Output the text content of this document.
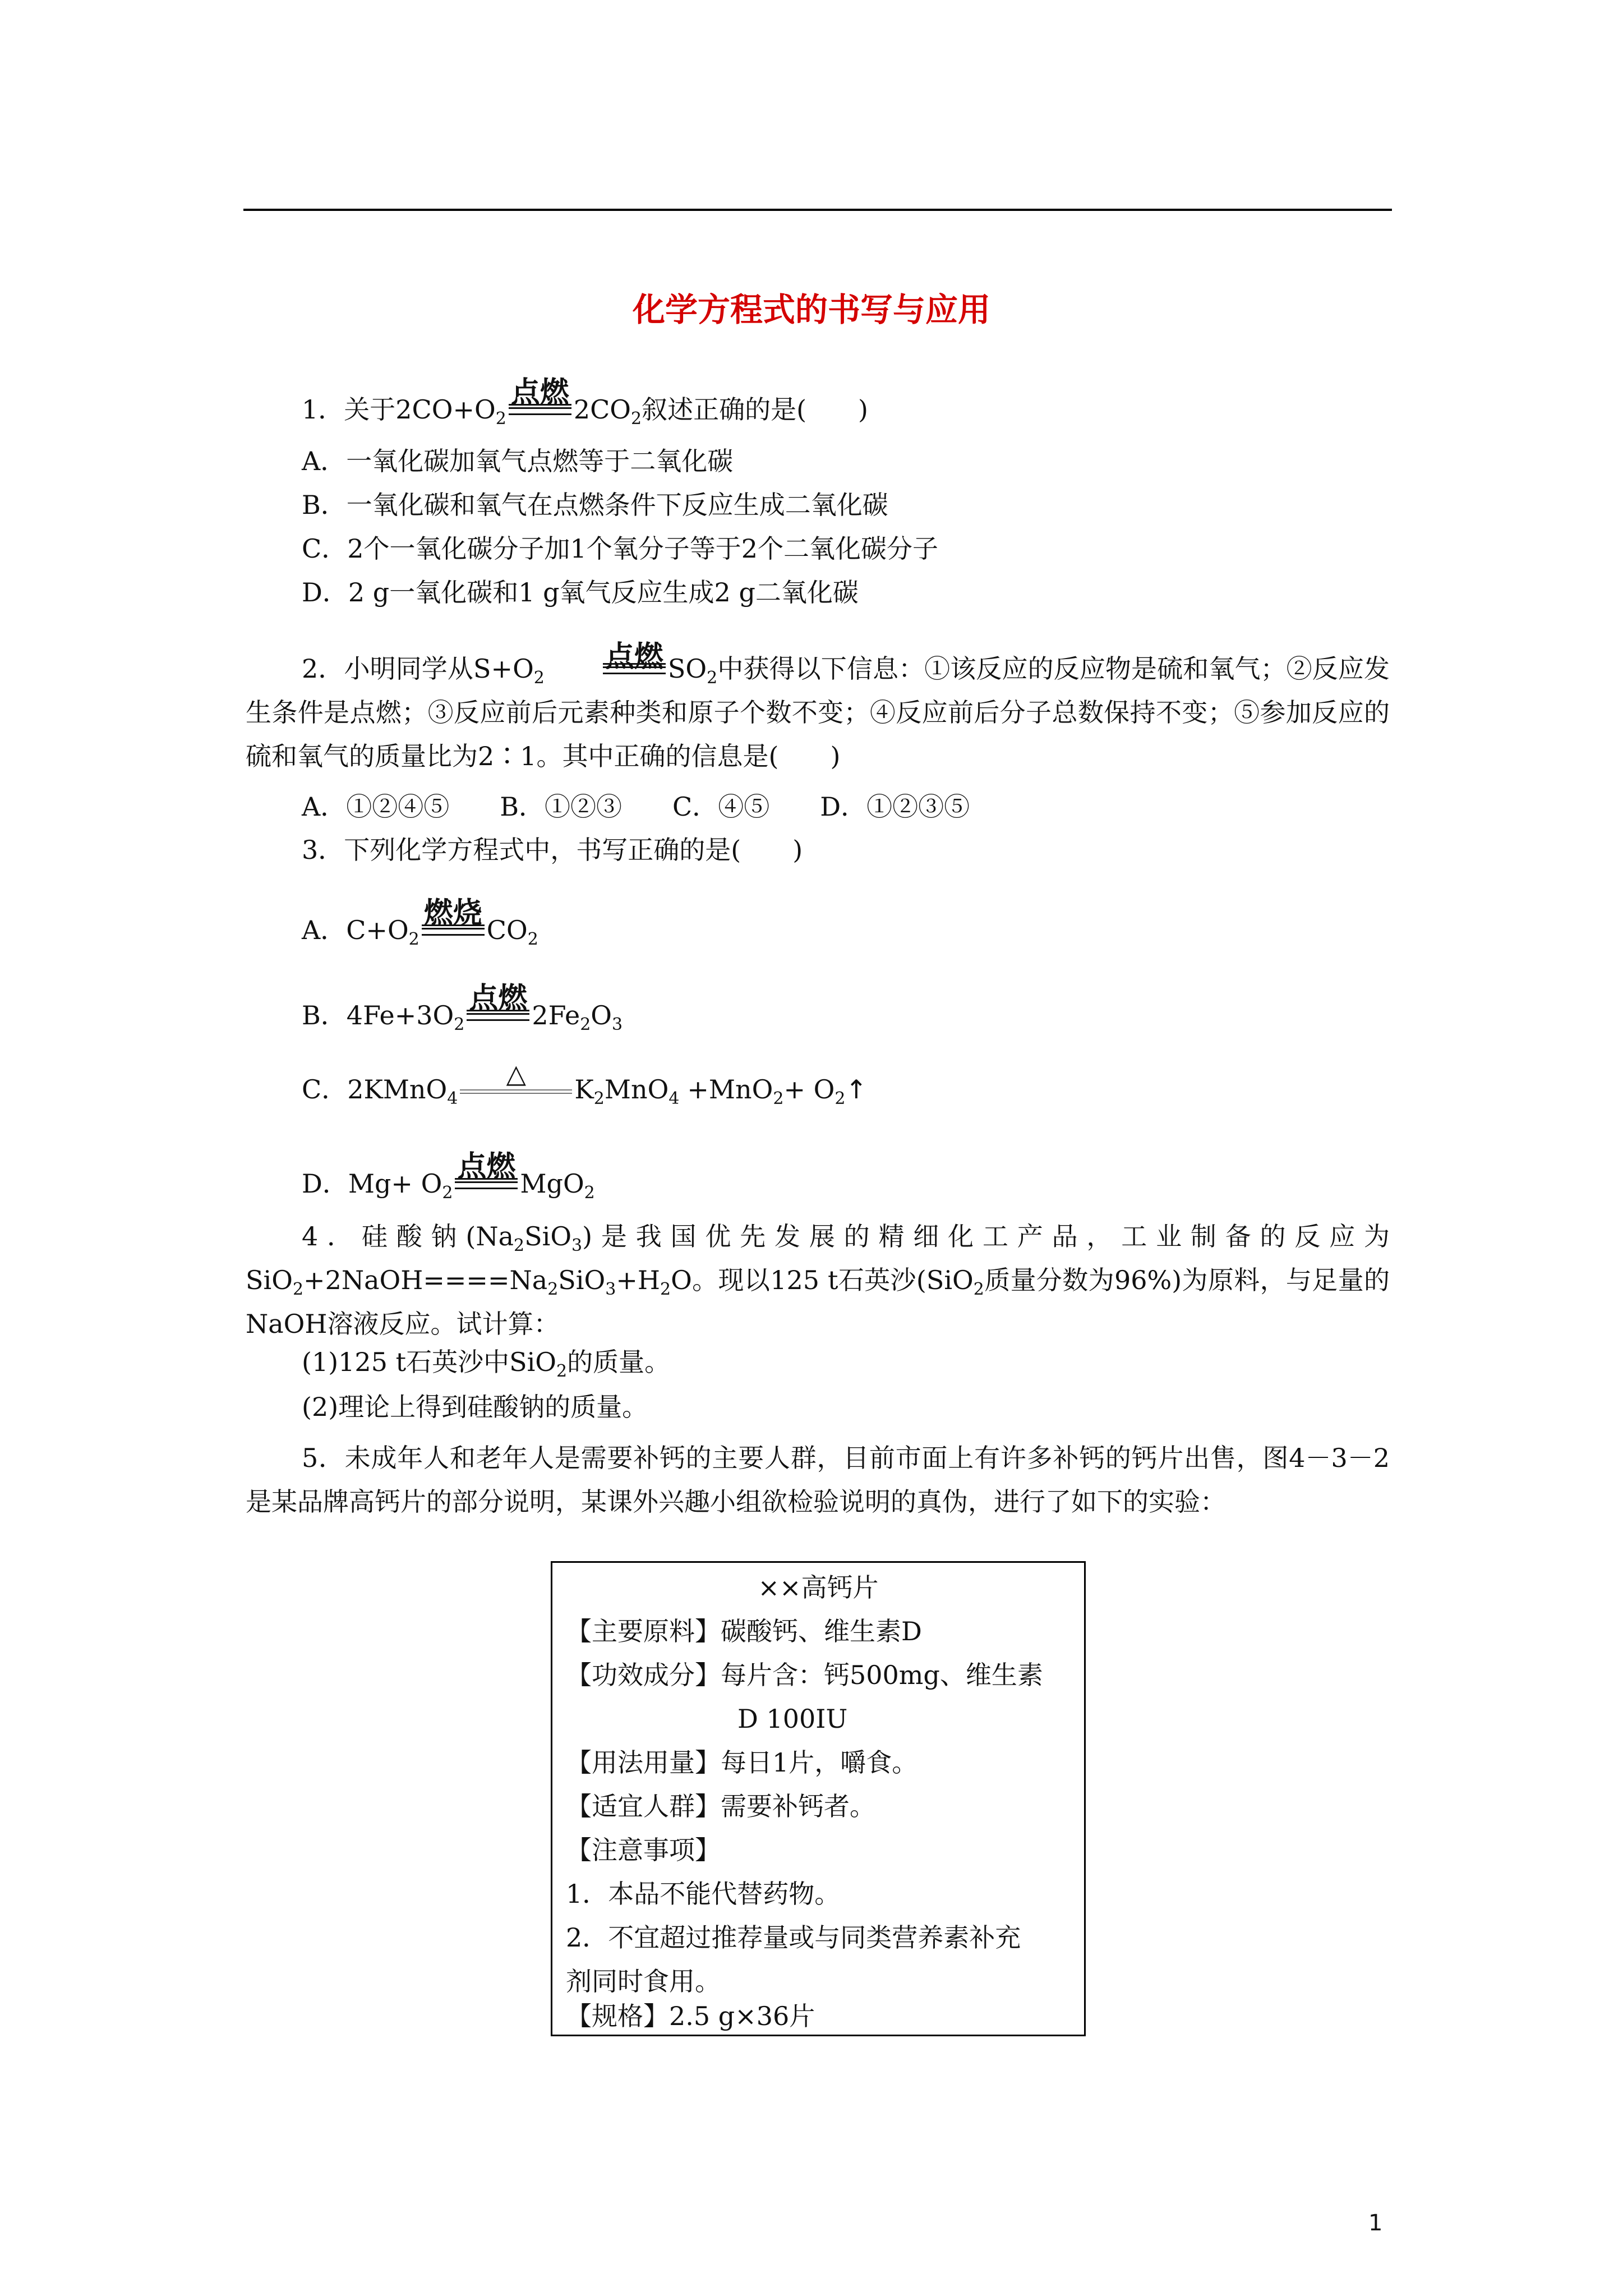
化学方程式的书写与应用
1．关于$2CO+O_2$
点燃 $2CO_2$叙述正确的是(　　)
A．一氧化碳加氧气点燃等于二氧化碳
B．一氧化碳和氧气在点燃条件下反应生成二氧化碳
C．2个一氧化碳分子加1个氧分子等于2个二氧化碳分子
D．2 g一氧化碳和1 g氧气反应生成2 g二氧化碳
2．小明同学从$S+O_2$
点燃 $SO_2$中获得以下信息：①该反应的反应物是硫和氧气；②反应发生条件是点燃；③反应前后元素种类和原子个数不变；④反应前后分子总数保持不变；⑤参加反应的硫和氧气的质量比为2∶1。其中正确的信息是(　　)
A．①②④⑤ B．①②③ C．④⑤ D．①②③⑤
3．下列化学方程式中，书写正确的是(　　)
A．$C+O_2$
燃烧 $CO_2$
B．$4Fe+3O_2$
点燃 $2Fe_2O_3$
C．2KMnO$_4$
△
$K_2MnO_4 +MnO_2+$ $O_2↑$
D．$Mg+ O_2$
点燃 MgO$_2$
4．硅酸钠$(Na_2SiO_3)$是我国优先发展的精细化工产品，工业制备的反应为$SiO_2+2NaOH====Na_2SiO_3+H_2O$。现以125 t石英沙(SiO$_2$质量分数为96%)为原料，与足量的NaOH溶液反应。试计算：
(1)125 t石英沙中SiO$_2$的质量。
(2)理论上得到硅酸钠的质量。
5．未成年人和老年人是需要补钙的主要人群，目前市面上有许多补钙的钙片出售，图4－3－2是某品牌高钙片的部分说明，某课外兴趣小组欲检验说明的真伪，进行了如下的实验：
××高钙片
【主要原料】碳酸钙、维生素D
【功效成分】每片含：钙500mg、维生素
D 100IU
【用法用量】每日1片，嚼食。
【适宜人群】需要补钙者。
【注意事项】
1．本品不能代替药物。
2．不宜超过推荐量或与同类营养素补充
剂同时食用。
【规格】2.5 g×36片
1
